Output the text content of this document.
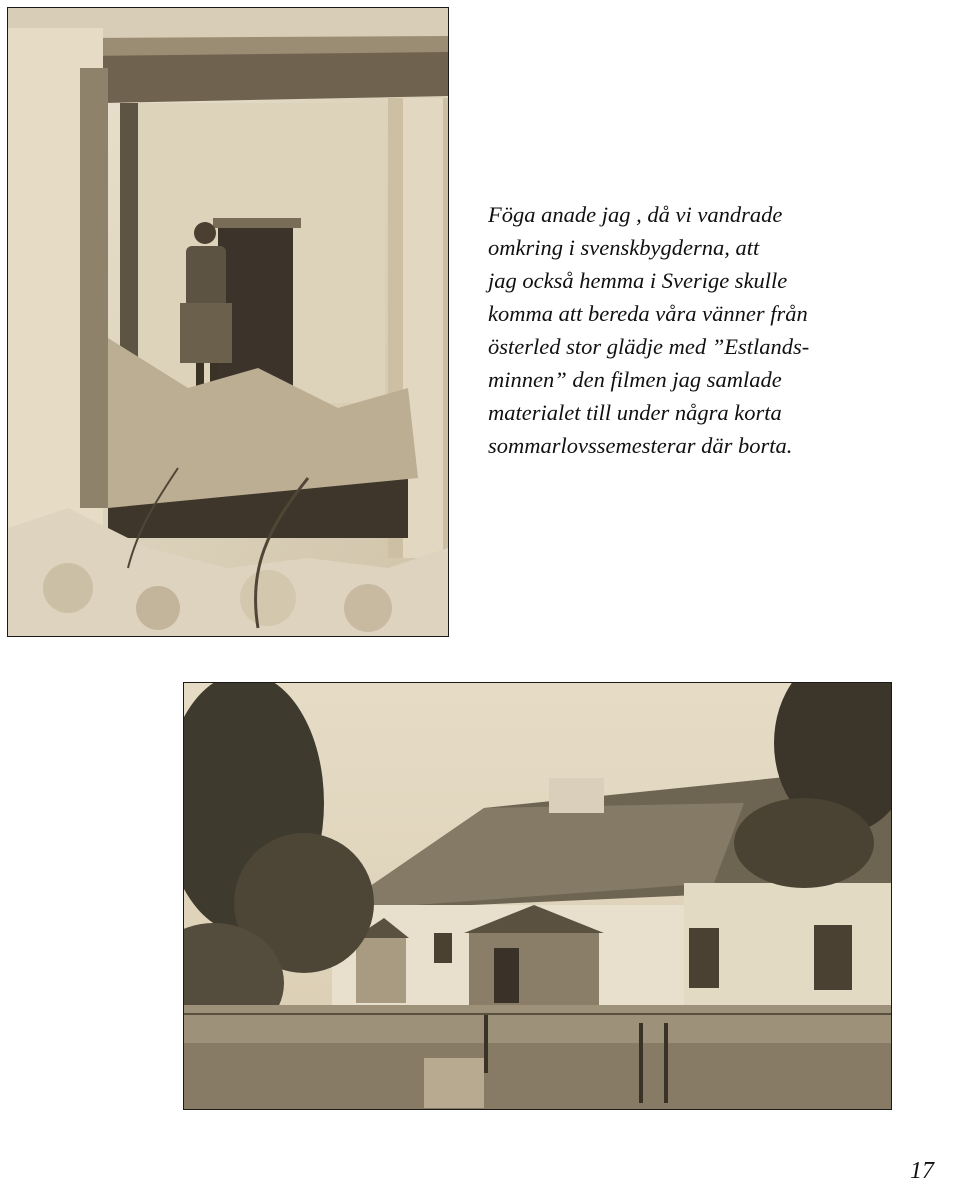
Föga anade jag , då vi vandrade
omkring i svenskbygderna, att
jag också hemma i Sverige skulle
komma att bereda våra vänner från
österled stor glädje med ”Estlands-
minnen” den filmen jag samlade
materialet till under några korta
sommarlovssemesterar där borta.
17
